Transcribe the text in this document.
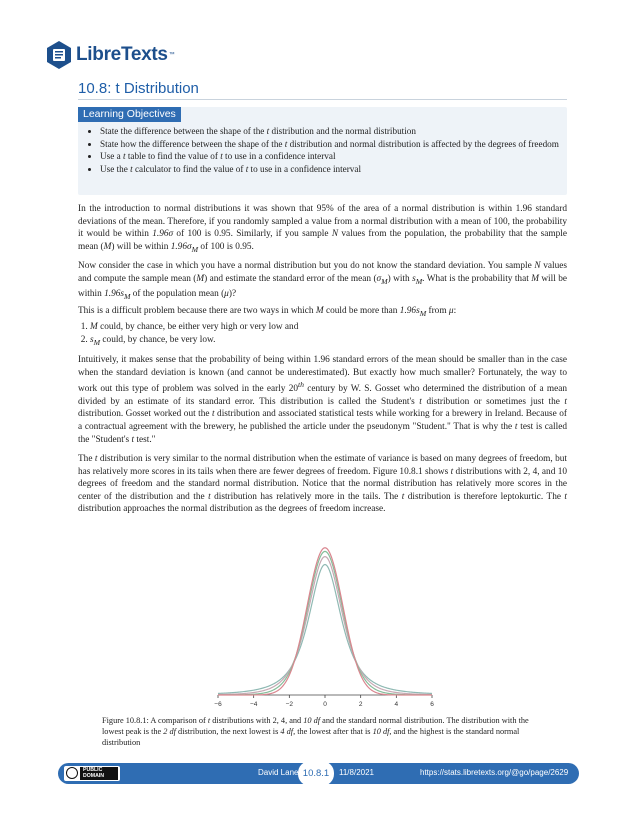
LibreTexts ™
10.8: t Distribution
Learning Objectives
• State the difference between the shape of the t distribution and the normal distribution
• State how the difference between the shape of the t distribution and normal distribution is affected by the degrees of freedom
• Use a t table to find the value of t to use in a confidence interval
• Use the t calculator to find the value of t to use in a confidence interval

In the introduction to normal distributions it was shown that 95% of the area of a normal distribution is within 1.96 standard deviations of the mean. Therefore, if you randomly sampled a value from a normal distribution with a mean of 100, the probability it would be within 1.96σ of 100 is 0.95. Similarly, if you sample N values from the population, the probability that the sample mean (M) will be within $1.96\sigma_M$ of 100 is 0.95.

Now consider the case in which you have a normal distribution but you do not know the standard deviation. You sample N values and compute the sample mean (M) and estimate the standard error of the mean $(\sigma_M)$ with $s_M$. What is the probability that M will be within $1.96s_M$ of the population mean (μ)?

This is a difficult problem because there are two ways in which M could be more than $1.96s_M$ from μ:

1. M could, by chance, be either very high or very low and
2. $s_M$ could, by chance, be very low.

Intuitively, it makes sense that the probability of being within 1.96 standard errors of the mean should be smaller than in the case when the standard deviation is known (and cannot be underestimated). But exactly how much smaller? Fortunately, the way to work out this type of problem was solved in the early 20th century by W. S. Gosset who determined the distribution of a mean divided by an estimate of its standard error. This distribution is called the Student's t distribution or sometimes just the t distribution. Gosset worked out the t distribution and associated statistical tests while working for a brewery in Ireland. Because of a contractual agreement with the brewery, he published the article under the pseudonym "Student." That is why the t test is called the "Student's t test."

The t distribution is very similar to the normal distribution when the estimate of variance is based on many degrees of freedom, but has relatively more scores in its tails when there are fewer degrees of freedom. Figure 10.8.1 shows t distributions with 2, 4, and 10 degrees of freedom and the standard normal distribution. Notice that the normal distribution has relatively more scores in the center of the distribution and the t distribution has relatively more in the tails. The t distribution is therefore leptokurtic. The t distribution approaches the normal distribution as the degrees of freedom increase.

−6	−4	−2	0	2	4	6
Figure 10.8.1: A comparison of t distributions with 2, 4, and 10 df and the standard normal distribution. The distribution with the lowest peak is the 2 df distribution, the next lowest is 4 df, the lowest after that is 10 df, and the highest is the standard normal distribution
PUBLIC
DOMAIN	David Lane 10.8.1	11/8/2021	https://stats.libretexts.org/@go/page/2629
